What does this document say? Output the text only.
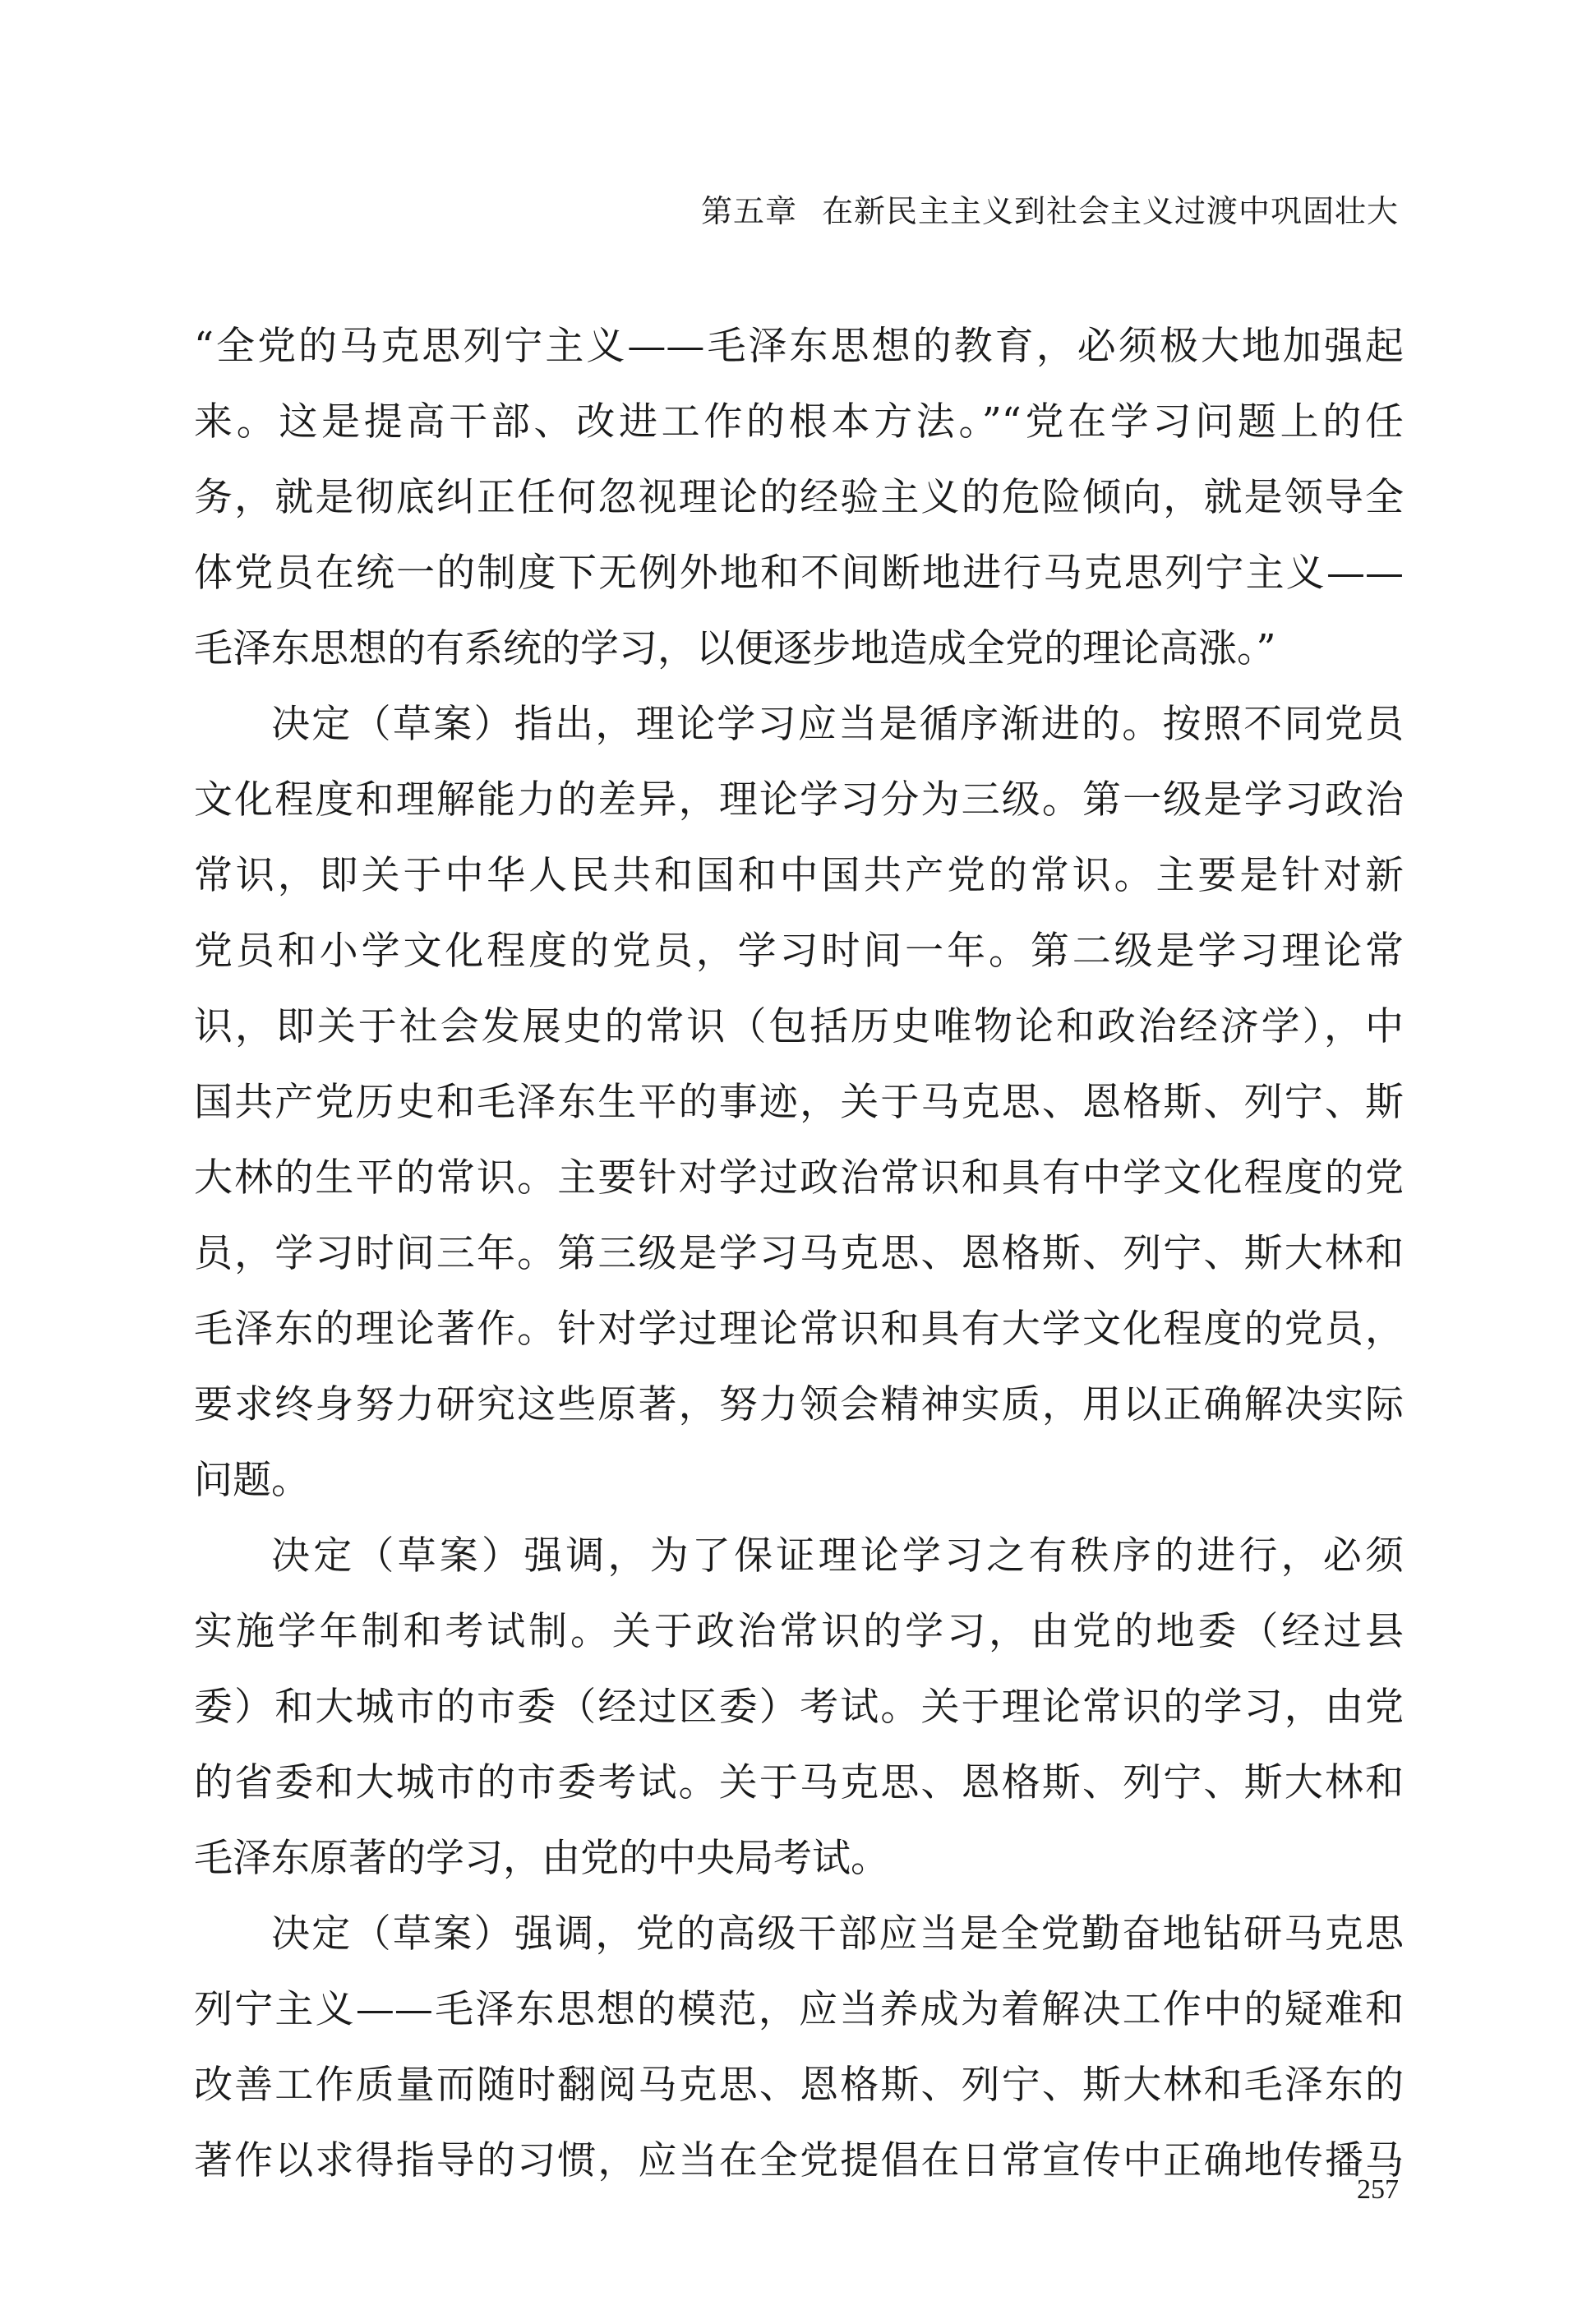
第五章 在新民主主义到社会主义过渡中巩固壮大
“全党的马克思列宁主义——毛泽东思想的教育，必须极大地加强起
来。这是提高干部、改进工作的根本方法。”“党在学习问题上的任
务，就是彻底纠正任何忽视理论的经验主义的危险倾向，就是领导全
体党员在统一的制度下无例外地和不间断地进行马克思列宁主义——
毛泽东思想的有系统的学习，以便逐步地造成全党的理论高涨。”
决定（草案）指出，理论学习应当是循序渐进的。按照不同党员
文化程度和理解能力的差异，理论学习分为三级。第一级是学习政治
常识，即关于中华人民共和国和中国共产党的常识。主要是针对新
党员和小学文化程度的党员，学习时间一年。第二级是学习理论常
识，即关于社会发展史的常识（包括历史唯物论和政治经济学），中
国共产党历史和毛泽东生平的事迹，关于马克思、恩格斯、列宁、斯
大林的生平的常识。主要针对学过政治常识和具有中学文化程度的党
员，学习时间三年。第三级是学习马克思、恩格斯、列宁、斯大林和
毛泽东的理论著作。针对学过理论常识和具有大学文化程度的党员，
要求终身努力研究这些原著，努力领会精神实质，用以正确解决实际
问题。
决定（草案）强调，为了保证理论学习之有秩序的进行，必须
实施学年制和考试制。关于政治常识的学习，由党的地委（经过县
委）和大城市的市委（经过区委）考试。关于理论常识的学习，由党
的省委和大城市的市委考试。关于马克思、恩格斯、列宁、斯大林和
毛泽东原著的学习，由党的中央局考试。
决定（草案）强调，党的高级干部应当是全党勤奋地钻研马克思
列宁主义——毛泽东思想的模范，应当养成为着解决工作中的疑难和
改善工作质量而随时翻阅马克思、恩格斯、列宁、斯大林和毛泽东的
著作以求得指导的习惯，应当在全党提倡在日常宣传中正确地传播马
257
